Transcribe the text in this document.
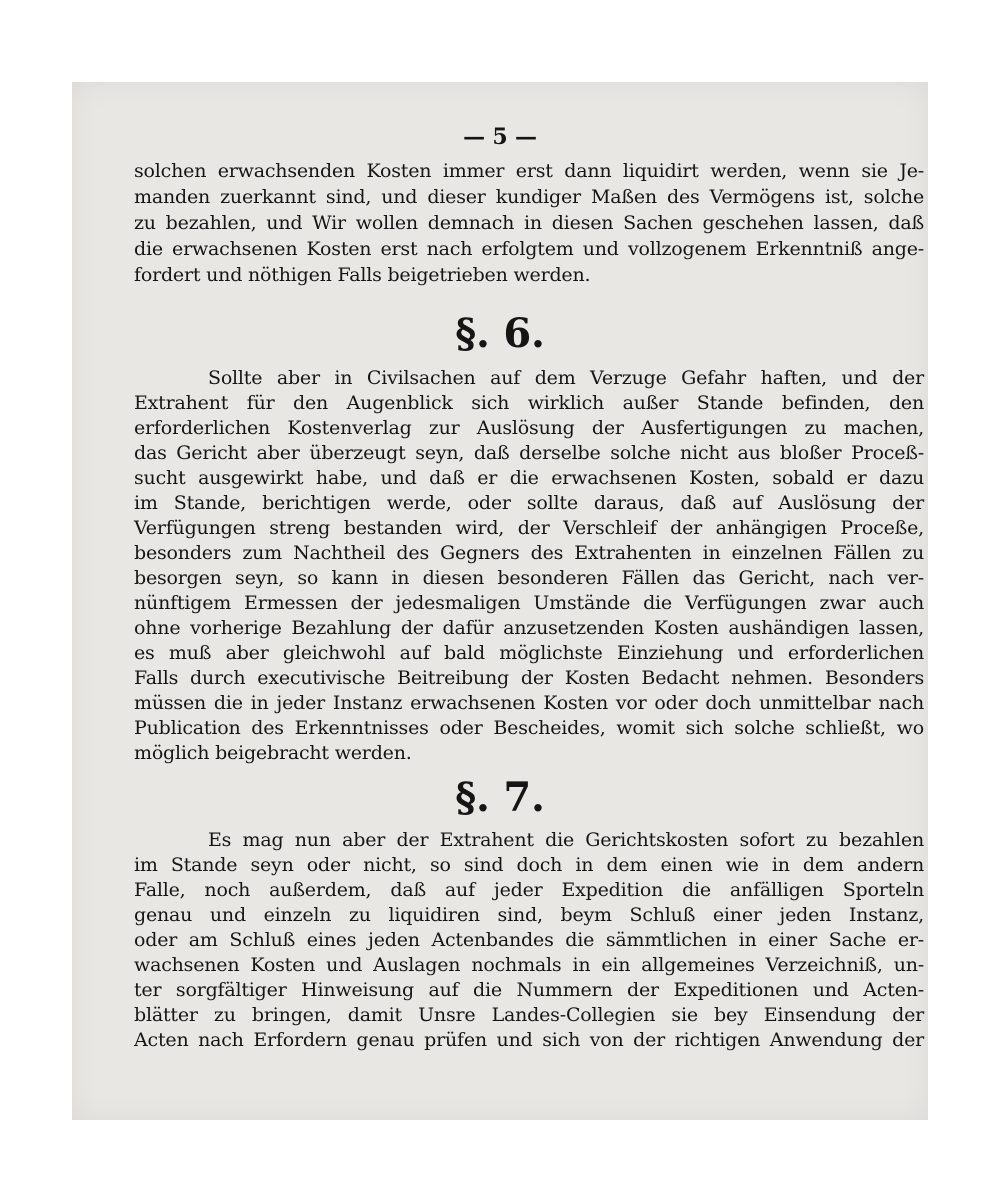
— 5 —
solchen erwachsenden Kosten immer erst dann liquidirt werden, wenn sie Je-
manden zuerkannt sind, und dieser kundiger Maßen des Vermögens ist, solche
zu bezahlen, und Wir wollen demnach in diesen Sachen geschehen lassen, daß
die erwachsenen Kosten erst nach erfolgtem und vollzogenem Erkenntniß ange-
fordert und nöthigen Falls beigetrieben werden.
§. 6.
Sollte aber in Civilsachen auf dem Verzuge Gefahr haften, und der
Extrahent für den Augenblick sich wirklich außer Stande befinden, den
erforderlichen Kostenverlag zur Auslösung der Ausfertigungen zu machen,
das Gericht aber überzeugt seyn, daß derselbe solche nicht aus bloßer Proceß-
sucht ausgewirkt habe, und daß er die erwachsenen Kosten, sobald er dazu
im Stande, berichtigen werde, oder sollte daraus, daß auf Auslösung der
Verfügungen streng bestanden wird, der Verschleif der anhängigen Proceße,
besonders zum Nachtheil des Gegners des Extrahenten in einzelnen Fällen zu
besorgen seyn, so kann in diesen besonderen Fällen das Gericht, nach ver-
nünftigem Ermessen der jedesmaligen Umstände die Verfügungen zwar auch
ohne vorherige Bezahlung der dafür anzusetzenden Kosten aushändigen lassen,
es muß aber gleichwohl auf bald möglichste Einziehung und erforderlichen
Falls durch executivische Beitreibung der Kosten Bedacht nehmen. Besonders
müssen die in jeder Instanz erwachsenen Kosten vor oder doch unmittelbar nach
Publication des Erkenntnisses oder Bescheides, womit sich solche schließt, wo
möglich beigebracht werden.
§. 7.
Es mag nun aber der Extrahent die Gerichtskosten sofort zu bezahlen
im Stande seyn oder nicht, so sind doch in dem einen wie in dem andern
Falle, noch außerdem, daß auf jeder Expedition die anfälligen Sporteln
genau und einzeln zu liquidiren sind, beym Schluß einer jeden Instanz,
oder am Schluß eines jeden Actenbandes die sämmtlichen in einer Sache er-
wachsenen Kosten und Auslagen nochmals in ein allgemeines Verzeichniß, un-
ter sorgfältiger Hinweisung auf die Nummern der Expeditionen und Acten-
blätter zu bringen, damit Unsre Landes-Collegien sie bey Einsendung der
Acten nach Erfordern genau prüfen und sich von der richtigen Anwendung der
